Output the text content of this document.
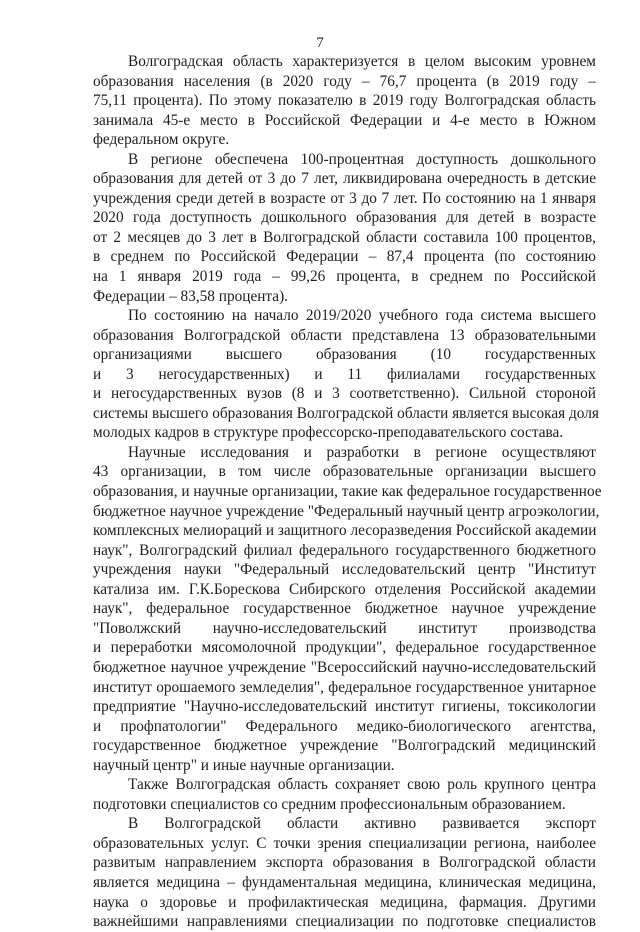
7
Волгоградская область характеризуется в целом высоким уровнем
образования населения (в 2020 году – 76,7 процента (в 2019 году –
75,11 процента). По этому показателю в 2019 году Волгоградская область
занимала 45-е место в Российской Федерации и 4-е место в Южном
федеральном округе.
В регионе обеспечена 100-процентная доступность дошкольного
образования для детей от 3 до 7 лет, ликвидирована очередность в детские
учреждения среди детей в возрасте от 3 до 7 лет. По состоянию на 1 января
2020 года доступность дошкольного образования для детей в возрасте
от 2 месяцев до 3 лет в Волгоградской области составила 100 процентов,
в среднем по Российской Федерации – 87,4 процента (по состоянию
на 1 января 2019 года – 99,26 процента, в среднем по Российской
Федерации – 83,58 процента).
По состоянию на начало 2019/2020 учебного года система высшего
образования Волгоградской области представлена 13 образовательными
организациями высшего образования (10 государственных
и 3 негосударственных) и 11 филиалами государственных
и негосударственных вузов (8 и 3 соответственно). Сильной стороной
системы высшего образования Волгоградской области является высокая доля
молодых кадров в структуре профессорско-преподавательского состава.
Научные исследования и разработки в регионе осуществляют
43 организации, в том числе образовательные организации высшего
образования, и научные организации, такие как федеральное государственное
бюджетное научное учреждение "Федеральный научный центр агроэкологии,
комплексных мелиораций и защитного лесоразведения Российской академии
наук", Волгоградский филиал федерального государственного бюджетного
учреждения науки "Федеральный исследовательский центр "Институт
катализа им. Г.К.Борескова Сибирского отделения Российской академии
наук", федеральное государственное бюджетное научное учреждение
"Поволжский научно-исследовательский институт производства
и переработки мясомолочной продукции", федеральное государственное
бюджетное научное учреждение "Всероссийский научно-исследовательский
институт орошаемого земледелия", федеральное государственное унитарное
предприятие "Научно-исследовательский институт гигиены, токсикологии
и профпатологии" Федерального медико-биологического агентства,
государственное бюджетное учреждение "Волгоградский медицинский
научный центр" и иные научные организации.
Также Волгоградская область сохраняет свою роль крупного центра
подготовки специалистов со средним профессиональным образованием.
В Волгоградской области активно развивается экспорт
образовательных услуг. С точки зрения специализации региона, наиболее
развитым направлением экспорта образования в Волгоградской области
является медицина – фундаментальная медицина, клиническая медицина,
наука о здоровье и профилактическая медицина, фармация. Другими
важнейшими направлениями специализации по подготовке специалистов
